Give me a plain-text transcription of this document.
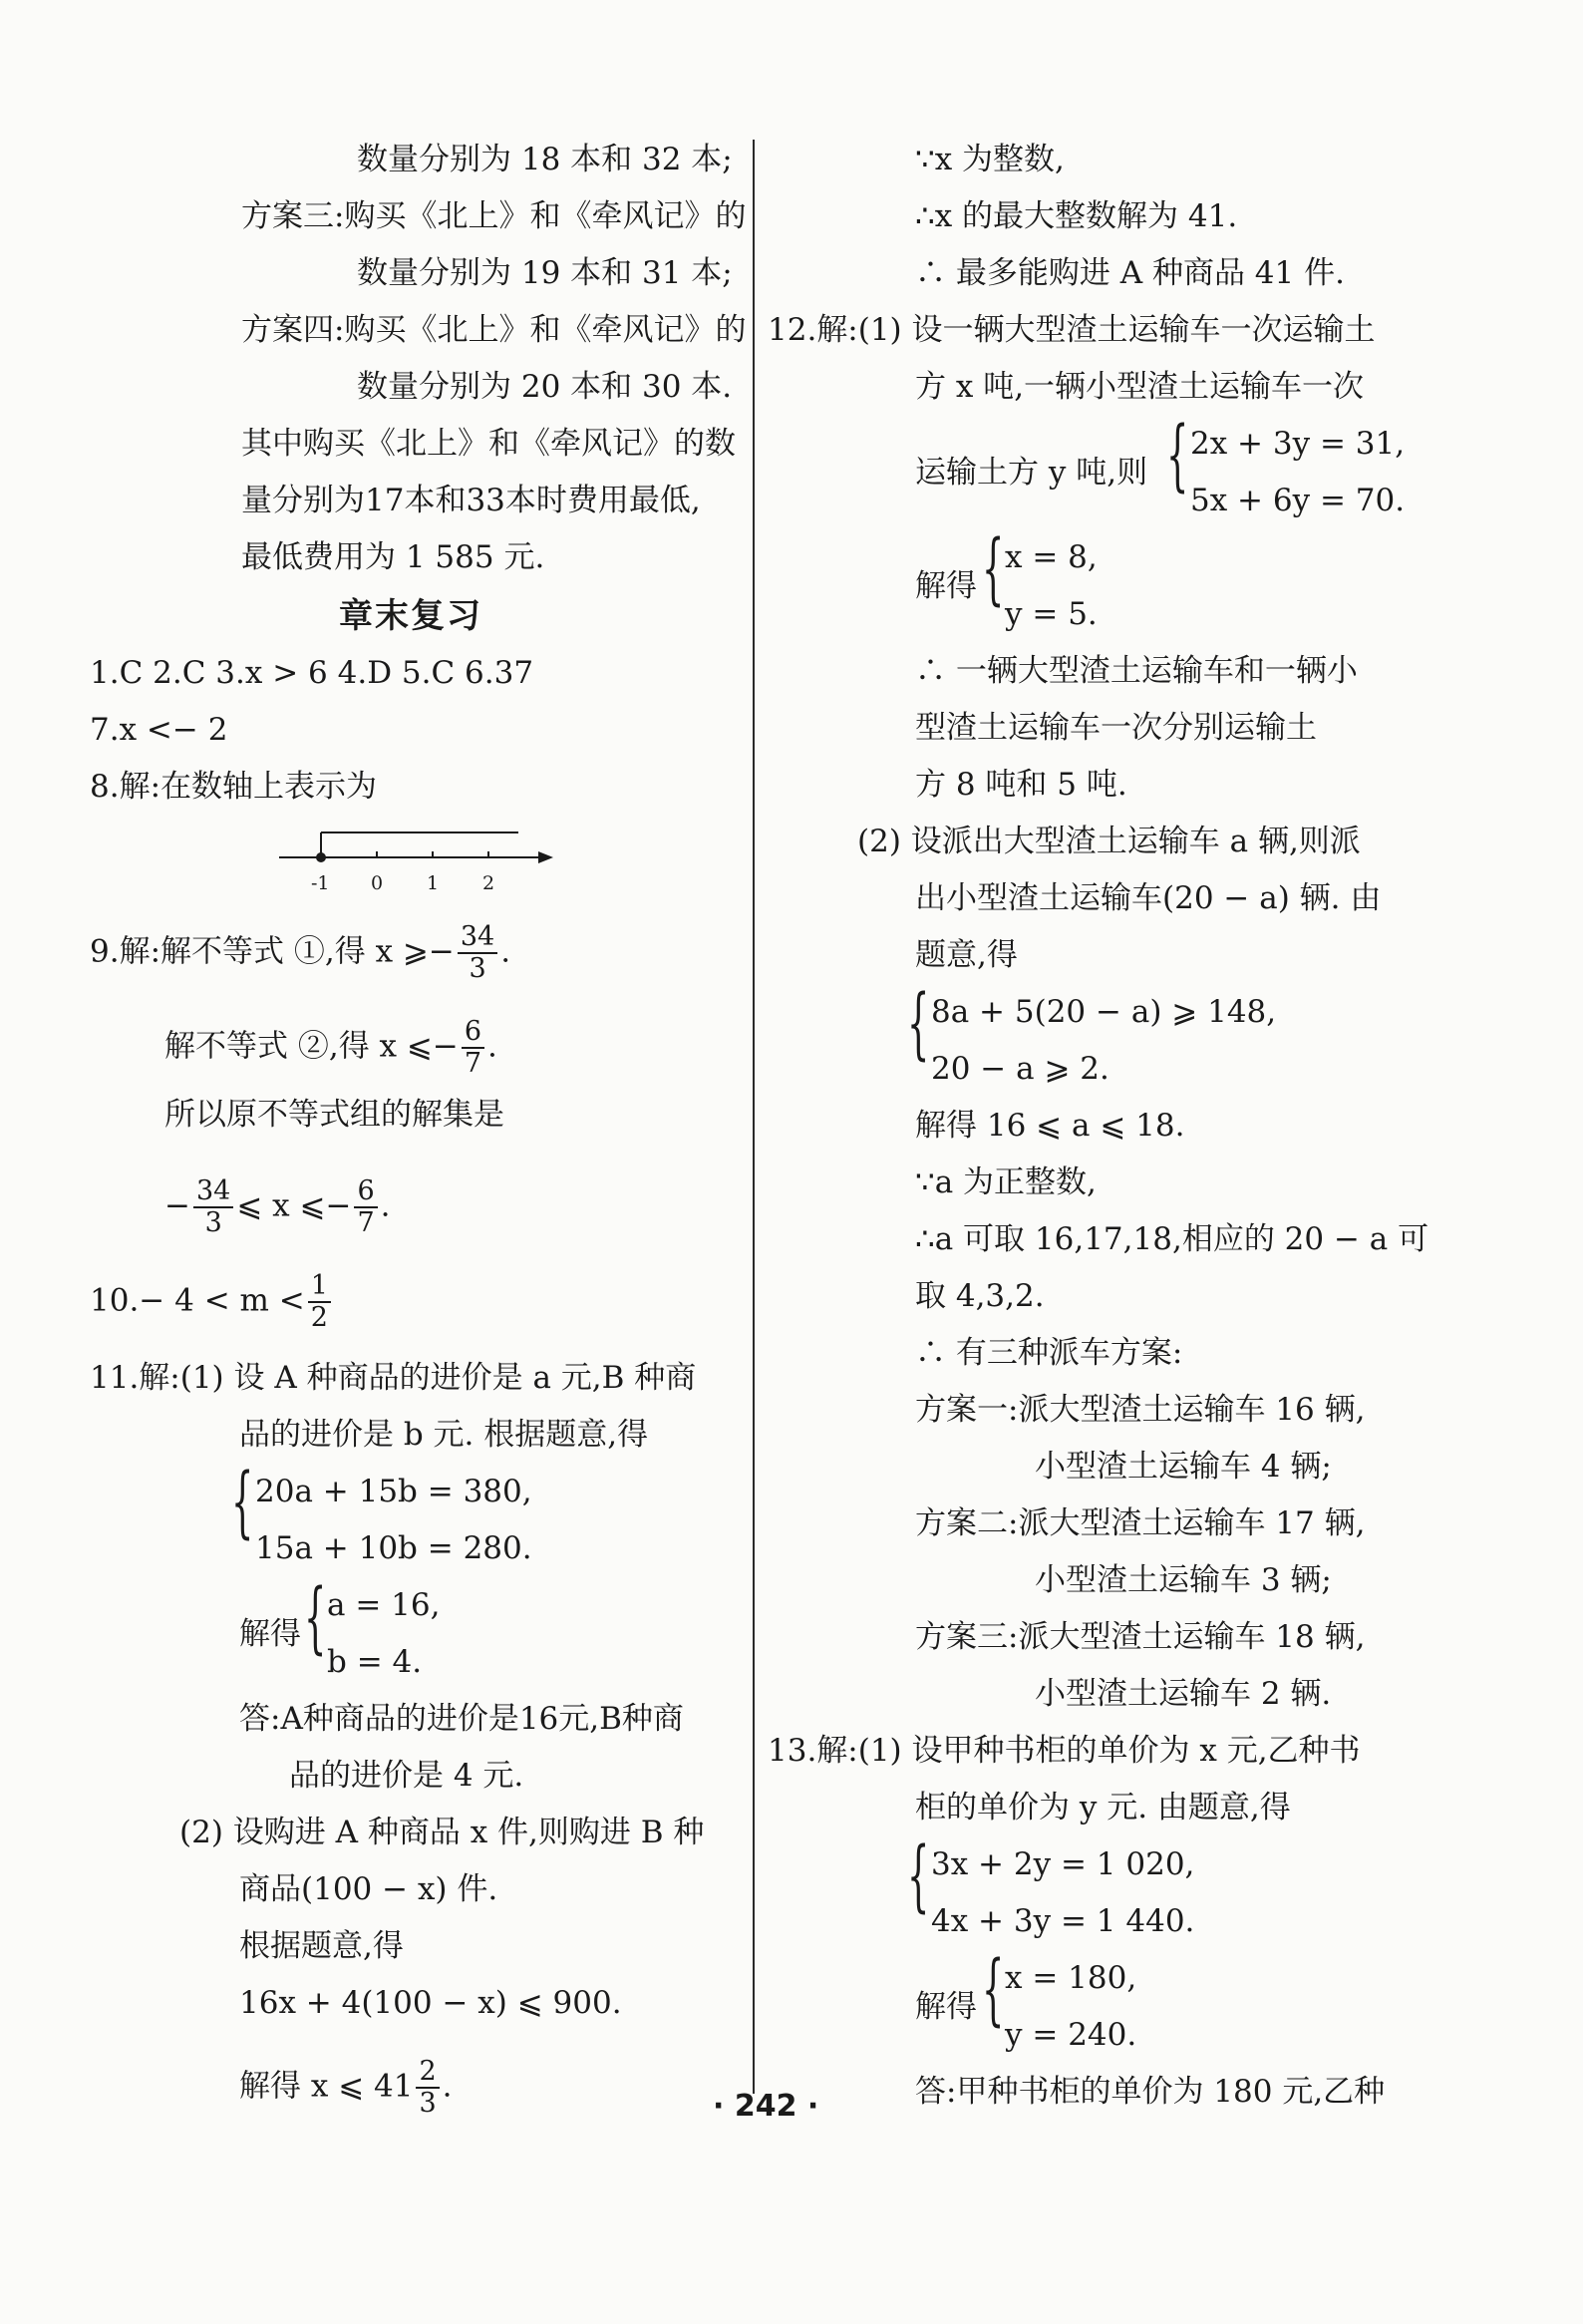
数量分别为 18 本和 32 本;
方案三:购买《北上》和《牵风记》的
数量分别为 19 本和 31 本;
方案四:购买《北上》和《牵风记》的
数量分别为 20 本和 30 本.
其中购买《北上》和《牵风记》的数
量分别为17本和33本时费用最低,
最低费用为 1 585 元.
章末复习
1.C 2.C 3.x > 6 4.D 5.C 6.37
7.x <− 2
8.解:在数轴上表示为
-1 0 1 2
9.解:解不等式 ①,得 x ⩾− $\frac{34}{3}$ .
解不等式 ②,得 x ⩽− $\frac{6}{7}$ .
所以原不等式组的解集是
− $\frac{34}{3}$ ⩽ x ⩽− $\frac{6}{7}$ .
$10.- 4 < m < \frac{1}{2}$
11.解:(1) 设 A 种商品的进价是 a 元,B 种商
品的进价是 b 元. 根据题意,得
{ 20a + 15b = 380,
15a + 10b = 280.
解得 { a = 16,
b = 4.
答:A种商品的进价是16元,B种商
品的进价是 4 元.
(2) 设购进 A 种商品 x 件,则购进 B 种
商品(100 − x) 件.
根据题意,得
16x + 4(100 − x) ⩽ 900.
解得 x ⩽ $41 \frac{2}{3}$ .
∵x 为整数,
∴x 的最大整数解为 41.
∴ 最多能购进 A 种商品 41 件.
12.解:(1) 设一辆大型渣土运输车一次运输土
方 x 吨,一辆小型渣土运输车一次
运输土方 y 吨,则 { 2x + 3y = 31,
5x + 6y = 70.
解得 { x = 8,
y = 5.
∴ 一辆大型渣土运输车和一辆小
型渣土运输车一次分别运输土
方 8 吨和 5 吨.
(2) 设派出大型渣土运输车 a 辆,则派
出小型渣土运输车(20 − a) 辆. 由
题意,得
{ 8a + 5(20 − a) ⩾ 148,
20 − a ⩾ 2.
解得 16 ⩽ a ⩽ 18.
∵a 为正整数,
∴a 可取 16,17,18,相应的 20 − a 可
取 4,3,2.
∴ 有三种派车方案:
方案一:派大型渣土运输车 16 辆,
小型渣土运输车 4 辆;
方案二:派大型渣土运输车 17 辆,
小型渣土运输车 3 辆;
方案三:派大型渣土运输车 18 辆,
小型渣土运输车 2 辆.
13.解:(1) 设甲种书柜的单价为 x 元,乙种书
柜的单价为 y 元. 由题意,得
{ 3x + 2y = 1 020,
4x + 3y = 1 440.
解得 { x = 180,
y = 240.
答:甲种书柜的单价为 180 元,乙种
· 242 ·
